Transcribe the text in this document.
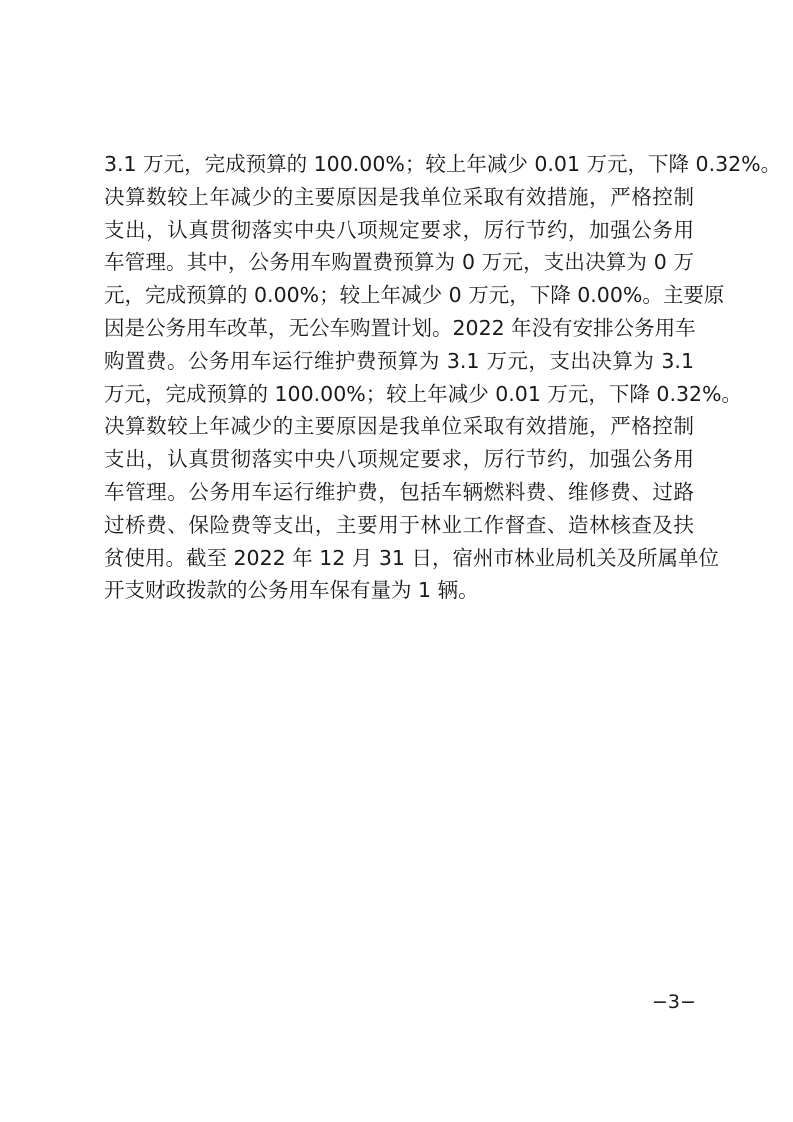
3.1 万元，完成预算的 100.00%；较上年减少 0.01 万元，下降 0.32%。
决算数较上年减少的主要原因是我单位采取有效措施，严格控制
支出，认真贯彻落实中央八项规定要求，厉行节约，加强公务用
车管理。其中，公务用车购置费预算为 0 万元，支出决算为 0 万
元，完成预算的 0.00%；较上年减少 0 万元，下降 0.00%。主要原
因是公务用车改革，无公车购置计划。2022 年没有安排公务用车
购置费。公务用车运行维护费预算为 3.1 万元，支出决算为 3.1
万元，完成预算的 100.00%；较上年减少 0.01 万元，下降 0.32%。
决算数较上年减少的主要原因是我单位采取有效措施，严格控制
支出，认真贯彻落实中央八项规定要求，厉行节约，加强公务用
车管理。公务用车运行维护费，包括车辆燃料费、维修费、过路
过桥费、保险费等支出，主要用于林业工作督查、造林核查及扶
贫使用。截至 2022 年 12 月 31 日，宿州市林业局机关及所属单位
开支财政拨款的公务用车保有量为 1 辆。
−3−
